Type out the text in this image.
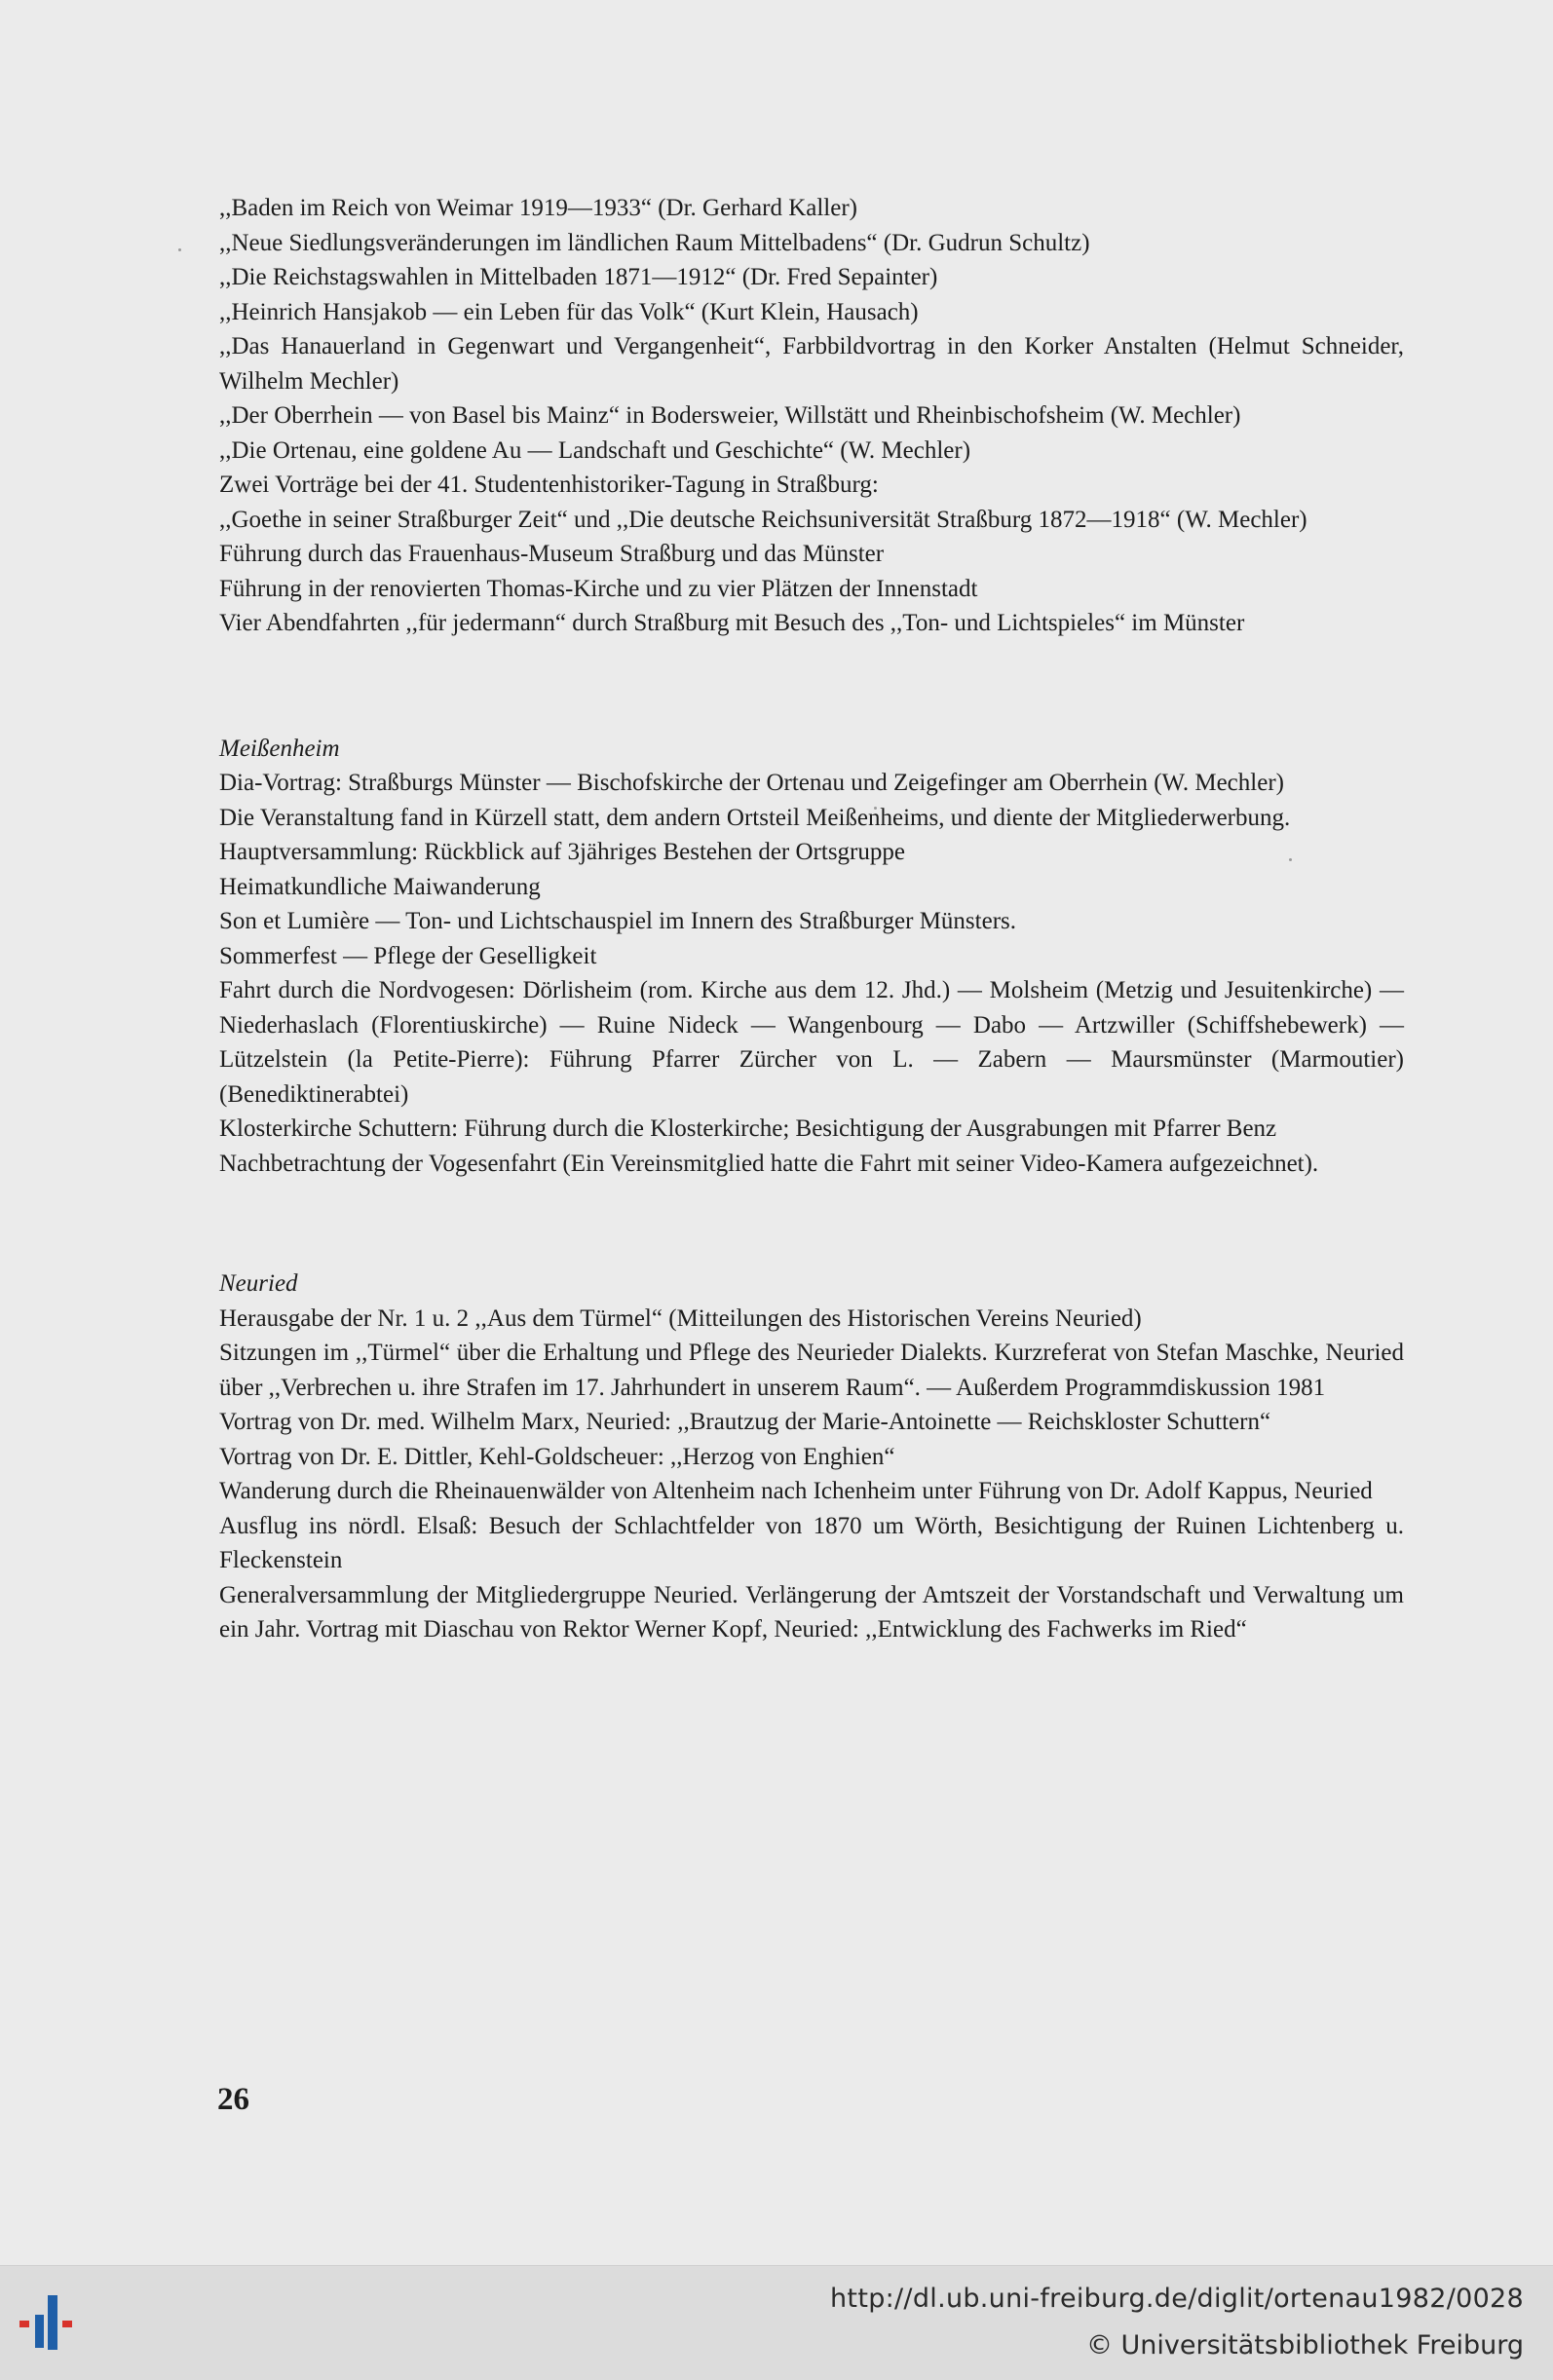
,,Baden im Reich von Weimar 1919—1933“ (Dr. Gerhard Kaller)

,,Neue Siedlungsveränderungen im ländlichen Raum Mittelbadens“ (Dr. Gudrun Schultz)

,,Die Reichstagswahlen in Mittelbaden 1871—1912“ (Dr. Fred Sepainter)

,,Heinrich Hansjakob — ein Leben für das Volk“ (Kurt Klein, Hausach)

,,Das Hanauerland in Gegenwart und Vergangenheit“, Farbbildvortrag in den Korker Anstalten (Helmut Schneider, Wilhelm Mechler)

,,Der Oberrhein — von Basel bis Mainz“ in Bodersweier, Willstätt und Rheinbischofsheim (W. Mechler)

,,Die Ortenau, eine goldene Au — Landschaft und Geschichte“ (W. Mechler)

Zwei Vorträge bei der 41. Studentenhistoriker-Tagung in Straßburg:

,,Goethe in seiner Straßburger Zeit“ und ,,Die deutsche Reichsuniversität Straßburg 1872—1918“ (W. Mechler)

Führung durch das Frauenhaus-Museum Straßburg und das Münster

Führung in der renovierten Thomas-Kirche und zu vier Plätzen der Innenstadt

Vier Abendfahrten ,,für jedermann“ durch Straßburg mit Besuch des ,,Ton- und Lichtspieles“ im Münster

Meißenheim

Dia-Vortrag: Straßburgs Münster — Bischofskirche der Ortenau und Zeigefinger am Oberrhein (W. Mechler)

Die Veranstaltung fand in Kürzell statt, dem andern Ortsteil Meißenheims, und diente der Mitgliederwerbung.

Hauptversammlung: Rückblick auf 3jähriges Bestehen der Ortsgruppe

Heimatkundliche Maiwanderung

Son et Lumière — Ton- und Lichtschauspiel im Innern des Straßburger Münsters.

Sommerfest — Pflege der Geselligkeit

Fahrt durch die Nordvogesen: Dörlisheim (rom. Kirche aus dem 12. Jhd.) — Molsheim (Metzig und Jesuitenkirche) — Niederhaslach (Florentiuskirche) — Ruine Nideck — Wangenbourg — Dabo — Artzwiller (Schiffshebewerk) — Lützelstein (la Petite-Pierre): Führung Pfarrer Zürcher von L. — Zabern — Maursmünster (Marmoutier) (Benediktinerabtei)

Klosterkirche Schuttern: Führung durch die Klosterkirche; Besichtigung der Ausgrabungen mit Pfarrer Benz

Nachbetrachtung der Vogesenfahrt (Ein Vereinsmitglied hatte die Fahrt mit seiner Video-Kamera aufgezeichnet).

Neuried

Herausgabe der Nr. 1 u. 2 ,,Aus dem Türmel“ (Mitteilungen des Historischen Vereins Neuried)

Sitzungen im ,,Türmel“ über die Erhaltung und Pflege des Neurieder Dialekts. Kurzreferat von Stefan Maschke, Neuried über ,,Verbrechen u. ihre Strafen im 17. Jahrhundert in unserem Raum“. — Außerdem Programmdiskussion 1981

Vortrag von Dr. med. Wilhelm Marx, Neuried: ,,Brautzug der Marie-Antoinette — Reichskloster Schuttern“

Vortrag von Dr. E. Dittler, Kehl-Goldscheuer: ,,Herzog von Enghien“

Wanderung durch die Rheinauenwälder von Altenheim nach Ichenheim unter Führung von Dr. Adolf Kappus, Neuried

Ausflug ins nördl. Elsaß: Besuch der Schlachtfelder von 1870 um Wörth, Besichtigung der Ruinen Lichtenberg u. Fleckenstein

Generalversammlung der Mitgliedergruppe Neuried. Verlängerung der Amtszeit der Vorstandschaft und Verwaltung um ein Jahr. Vortrag mit Diaschau von Rektor Werner Kopf, Neuried: ,,Entwicklung des Fachwerks im Ried“

26
http://dl.ub.uni-freiburg.de/diglit/ortenau1982/0028
© Universitätsbibliothek Freiburg
